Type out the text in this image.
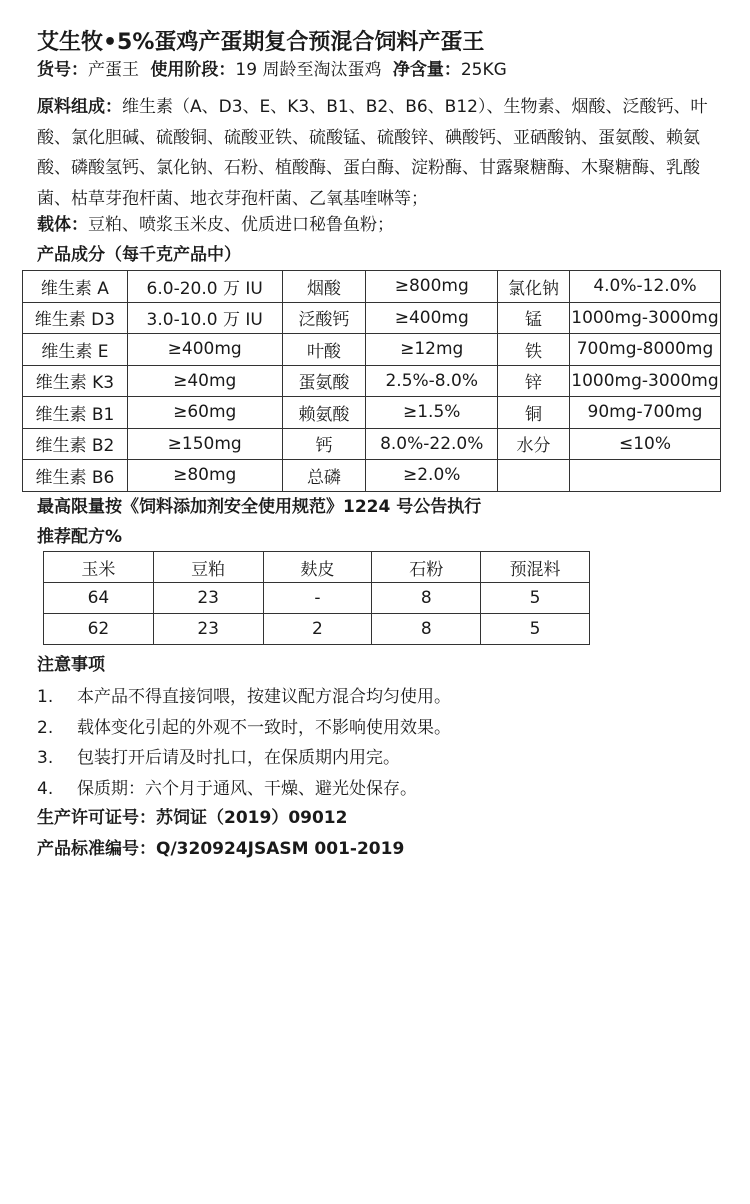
艾生牧•5%蛋鸡产蛋期复合预混合饲料产蛋王
货号：产蛋王 使用阶段：19 周龄至淘汰蛋鸡 净含量：25KG
原料组成：维生素（A、D3、E、K3、B1、B2、B6、B12）、生物素、烟酸、泛酸钙、叶酸、氯化胆碱、硫酸铜、硫酸亚铁、硫酸锰、硫酸锌、碘酸钙、亚硒酸钠、蛋氨酸、赖氨酸、磷酸氢钙、氯化钠、石粉、植酸酶、蛋白酶、淀粉酶、甘露聚糖酶、木聚糖酶、乳酸菌、枯草芽孢杆菌、地衣芽孢杆菌、乙氧基喹啉等；
载体：豆粕、喷浆玉米皮、优质进口秘鲁鱼粉；
产品成分（每千克产品中）
维生素 A	6.0-20.0 万 IU	烟酸	≥800mg	氯化钠	4.0%-12.0%
维生素 D3	3.0-10.0 万 IU	泛酸钙	≥400mg	锰	1000mg-3000mg
维生素 E	≥400mg	叶酸	≥12mg	铁	700mg-8000mg
维生素 K3	≥40mg	蛋氨酸	2.5%-8.0%	锌	1000mg-3000mg
维生素 B1	≥60mg	赖氨酸	≥1.5%	铜	90mg-700mg
维生素 B2	≥150mg	钙	8.0%-22.0%	水分	≤10%
维生素 B6	≥80mg	总磷	≥2.0%		
最高限量按《饲料添加剂安全使用规范》1224 号公告执行
推荐配方%
玉米	豆粕	麸皮	石粉	预混料
64	23	-	8	5
62	23	2	8	5
注意事项
1. 本产品不得直接饲喂，按建议配方混合均匀使用。
2. 载体变化引起的外观不一致时，不影响使用效果。
3. 包装打开后请及时扎口，在保质期内用完。
4. 保质期：六个月于通风、干燥、避光处保存。
生产许可证号：苏饲证（2019）09012
产品标准编号：Q/320924JSASM 001-2019
